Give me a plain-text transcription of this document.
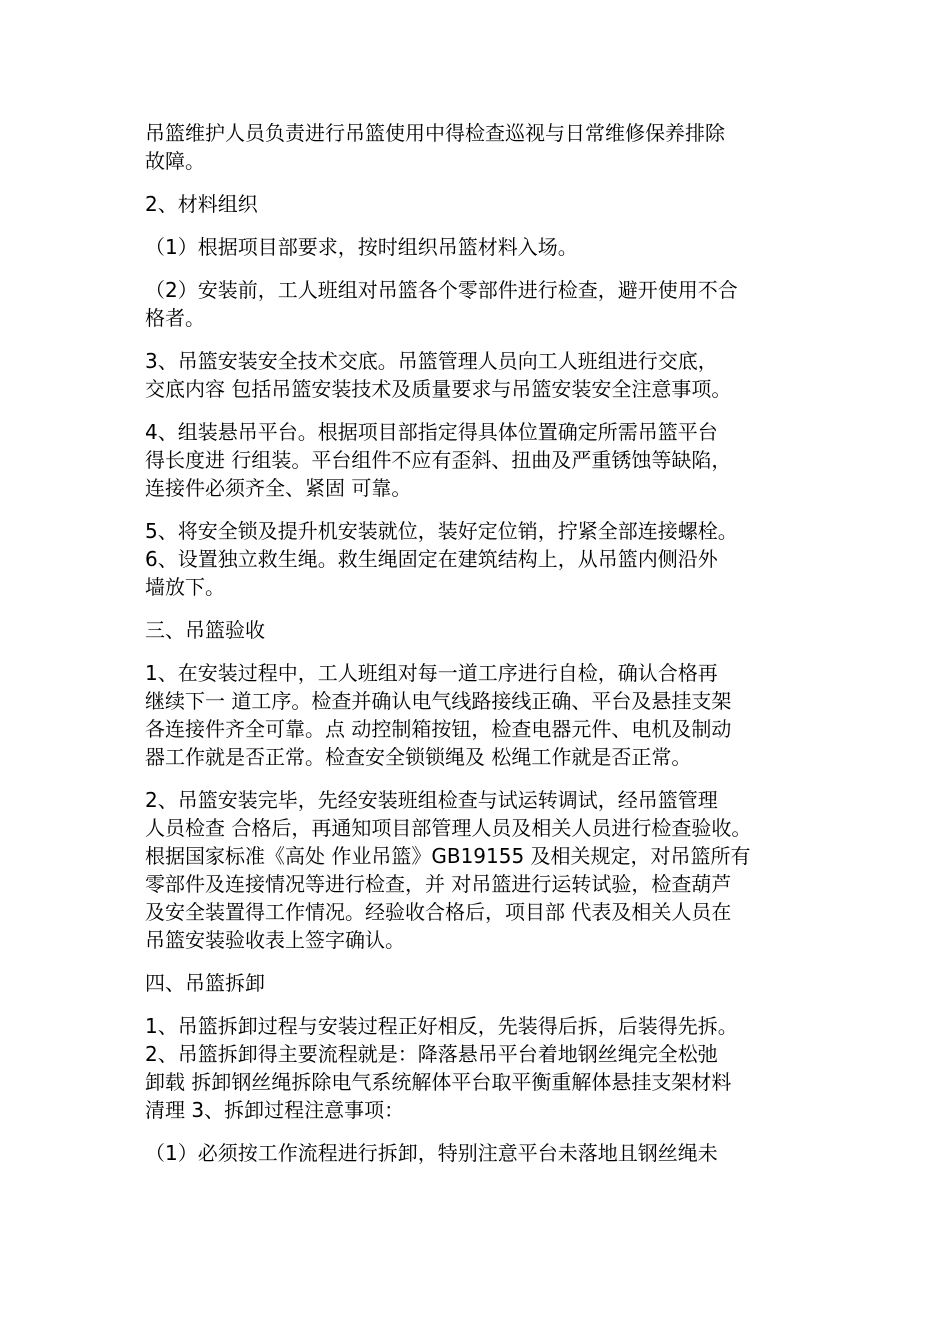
吊篮维护人员负责进行吊篮使用中得检查巡视与日常维修保养排除
故障。
2、材料组织
（1）根据项目部要求，按时组织吊篮材料入场。
（2）安装前，工人班组对吊篮各个零部件进行检查，避开使用不合
格者。
3、吊篮安装安全技术交底。吊篮管理人员向工人班组进行交底，
交底内容 包括吊篮安装技术及质量要求与吊篮安装安全注意事项。
4、组装悬吊平台。根据项目部指定得具体位置确定所需吊篮平台
得长度进 行组装。平台组件不应有歪斜、扭曲及严重锈蚀等缺陷，
连接件必须齐全、紧固 可靠。
5、将安全锁及提升机安装就位，装好定位销，拧紧全部连接螺栓。
6、设置独立救生绳。救生绳固定在建筑结构上，从吊篮内侧沿外
墙放下。
三、吊篮验收
1、在安装过程中，工人班组对每一道工序进行自检，确认合格再
继续下一 道工序。检查并确认电气线路接线正确、平台及悬挂支架
各连接件齐全可靠。点 动控制箱按钮，检查电器元件、电机及制动
器工作就是否正常。检查安全锁锁绳及 松绳工作就是否正常。
2、吊篮安装完毕，先经安装班组检查与试运转调试，经吊篮管理
人员检查 合格后，再通知项目部管理人员及相关人员进行检查验收。
根据国家标准《高处 作业吊篮》GB19155 及相关规定，对吊篮所有
零部件及连接情况等进行检查，并 对吊篮进行运转试验，检查葫芦
及安全装置得工作情况。经验收合格后，项目部 代表及相关人员在
吊篮安装验收表上签字确认。
四、吊篮拆卸
1、吊篮拆卸过程与安装过程正好相反，先装得后拆，后装得先拆。
2、吊篮拆卸得主要流程就是：降落悬吊平台着地钢丝绳完全松弛
卸载 拆卸钢丝绳拆除电气系统解体平台取平衡重解体悬挂支架材料
清理 3、拆卸过程注意事项：
（1）必须按工作流程进行拆卸，特别注意平台未落地且钢丝绳未
